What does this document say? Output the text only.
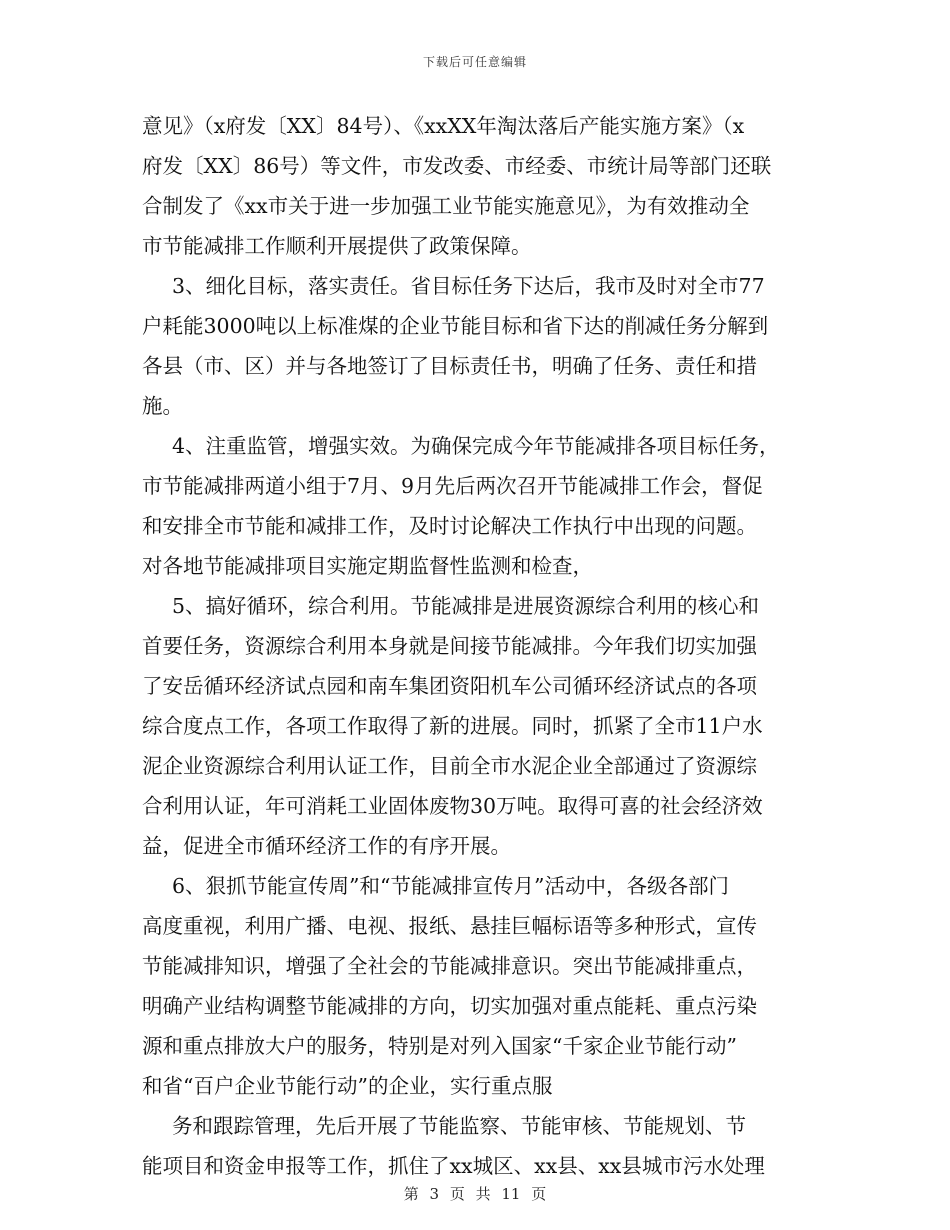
下载后可任意编辑
意见》（x府发〔XX〕84号）、《xxXX年淘汰落后产能实施方案》（x
府发〔XX〕86号）等文件，市发改委、市经委、市统计局等部门还联
合制发了《xx市关于进一步加强工业节能实施意见》，为有效推动全
市节能减排工作顺利开展提供了政策保障。
3、细化目标，落实责任。省目标任务下达后，我市及时对全市77
户耗能3000吨以上标准煤的企业节能目标和省下达的削减任务分解到
各县（市、区）并与各地签订了目标责任书，明确了任务、责任和措
施。
4、注重监管，增强实效。为确保完成今年节能减排各项目标任务，
市节能减排两道小组于7月、9月先后两次召开节能减排工作会，督促
和安排全市节能和减排工作，及时讨论解决工作执行中出现的问题。
对各地节能减排项目实施定期监督性监测和检查，
5、搞好循环，综合利用。节能减排是进展资源综合利用的核心和
首要任务，资源综合利用本身就是间接节能减排。今年我们切实加强
了安岳循环经济试点园和南车集团资阳机车公司循环经济试点的各项
综合度点工作，各项工作取得了新的进展。同时，抓紧了全市11户水
泥企业资源综合利用认证工作，目前全市水泥企业全部通过了资源综
合利用认证，年可消耗工业固体废物30万吨。取得可喜的社会经济效
益，促进全市循环经济工作的有序开展。
6、狠抓节能宣传周”和“节能减排宣传月”活动中，各级各部门
高度重视，利用广播、电视、报纸、悬挂巨幅标语等多种形式，宣传
节能减排知识，增强了全社会的节能减排意识。突出节能减排重点，
明确产业结构调整节能减排的方向，切实加强对重点能耗、重点污染
源和重点排放大户的服务，特别是对列入国家“千家企业节能行动”
和省“百户企业节能行动”的企业，实行重点服
务和跟踪管理，先后开展了节能监察、节能审核、节能规划、节
能项目和资金申报等工作，抓住了xx城区、xx县、xx县城市污水处理
第 3 页 共 11 页
